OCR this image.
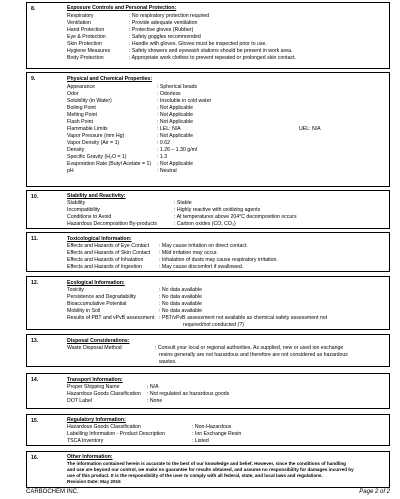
8.	Exposure Controls and Personal Protection:
Respiratory	: No respiratory protection required
Ventilation	: Provide adequate ventilation
Hand Protection	: Protective gloves (Rubber)
Eye & Protection	: Safety goggles recommended
Skin Protection	: Handle with gloves. Gloves must be inspected prior to use.
Hygiene Measures	: Safety showers and eyewash stations should be present in work area.
Body Protection	: Appropriate work clothes to prevent repeated or prolonged skin contact.
9.	Physical and Chemical Properties:
Appearance	: Spherical beads
Odor	: Odorless
Solubility (in Water)	: Insoluble in cold water
Boiling Point	: Not Applicable
Melting Point	: Not Applicable
Flash Point	: Not Applicable
Flammable Limits	: LEL: N/A	UEL: N/A
Vapor Pressure (mm Hg)	: Not Applicable
Vapor Density (Air = 1)	: 0.62
Density	: 1.26 – 1.30 g/ml
Specific Gravity (H₂O = 1)	: 1.3
Evaporation Rate (Butyl Acetate = 1) : Not Applicable
pH	: Neutral
10.	Stability and Reactivity:
Stability	: Stable
Incompatibility	: Highly reactive with oxidizing agents
Conditions to Avoid	: At temperatures above 204°C decomposition occurs
Hazardous Decomposition By-products	: Carbon oxides (CO, CO₂)
11.	Toxicological Information:
Effects and Hazards of Eye Contact : May cause irritation on direct contact.
Effects and Hazards of Skin Contact : Mild irritation may occur.
Effects and Hazards of Inhalation	: Inhalation of dusts may cause respiratory irritation.
Effects and Hazards of Ingestion	: May cause discomfort if swallowed.
12.	Ecological Information:
Toxicity	: No data available
Persistence and Degradability	: No data available
Bioaccumulative Potential	: No data available
Mobility in Soil	: No data available
Results of PBT and vPvB assessment : PBT/vPvB assessment not available as chemical safety assessment not
required/not conducted (?)
13.	Disposal Considerations:
Waste Disposal Method	: Consult your local or regional authorities. As supplied, new or used ion exchange
resins generally are not hazardous and therefore are not considered as hazardous
wastes.
14.	Transport Information:
Proper Shipping Name	: N/A
Hazardous Goods Classification : Not regulated as hazardous goods
DOT Label	: None
15.	Regulatory Information:
Hazardous Goods Classification	: Non-Hazardous
Labelling Information - Product Description	: Ion Exchange Resin
TSCA Inventory	: Listed
16.	Other Information:
The information contained herein is accurate to the best of our knowledge and belief. However, since the conditions of handling
and use are beyond our control, we make no guarantee for results obtained, and assume no responsibility for damages incurred by
use of this product. It is the responsibility of the user to comply with all federal, state, and local laws and regulations.
Revision Date: May 2016
CARBOCHEM INC.	Page 2 of 2
